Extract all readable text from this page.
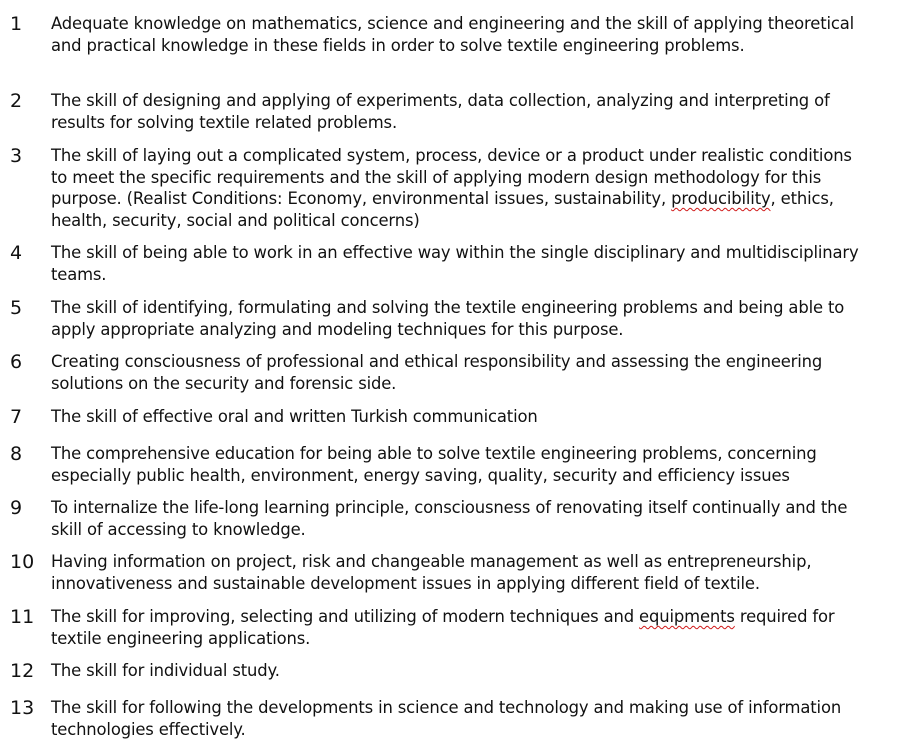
1	Adequate knowledge on mathematics, science and engineering and the skill of applying theoretical and practical knowledge in these fields in order to solve textile engineering problems.
2	The skill of designing and applying of experiments, data collection, analyzing and interpreting of results for solving textile related problems.
3	The skill of laying out a complicated system, process, device or a product under realistic conditions to meet the specific requirements and the skill of applying modern design methodology for this purpose. (Realist Conditions: Economy, environmental issues, sustainability, producibility, ethics, health, security, social and political concerns)
4	The skill of being able to work in an effective way within the single disciplinary and multidisciplinary teams.
5	The skill of identifying, formulating and solving the textile engineering problems and being able to apply appropriate analyzing and modeling techniques for this purpose.
6	Creating consciousness of professional and ethical responsibility and assessing the engineering solutions on the security and forensic side.
7	The skill of effective oral and written Turkish communication
8	The comprehensive education for being able to solve textile engineering problems, concerning especially public health, environment, energy saving, quality, security and efficiency issues
9	To internalize the life-long learning principle, consciousness of renovating itself continually and the skill of accessing to knowledge.
10	Having information on project, risk and changeable management as well as entrepreneurship, innovativeness and sustainable development issues in applying different field of textile.
11	The skill for improving, selecting and utilizing of modern techniques and equipments required for textile engineering applications.
12	The skill for individual study.
13	The skill for following the developments in science and technology and making use of information technologies effectively.
